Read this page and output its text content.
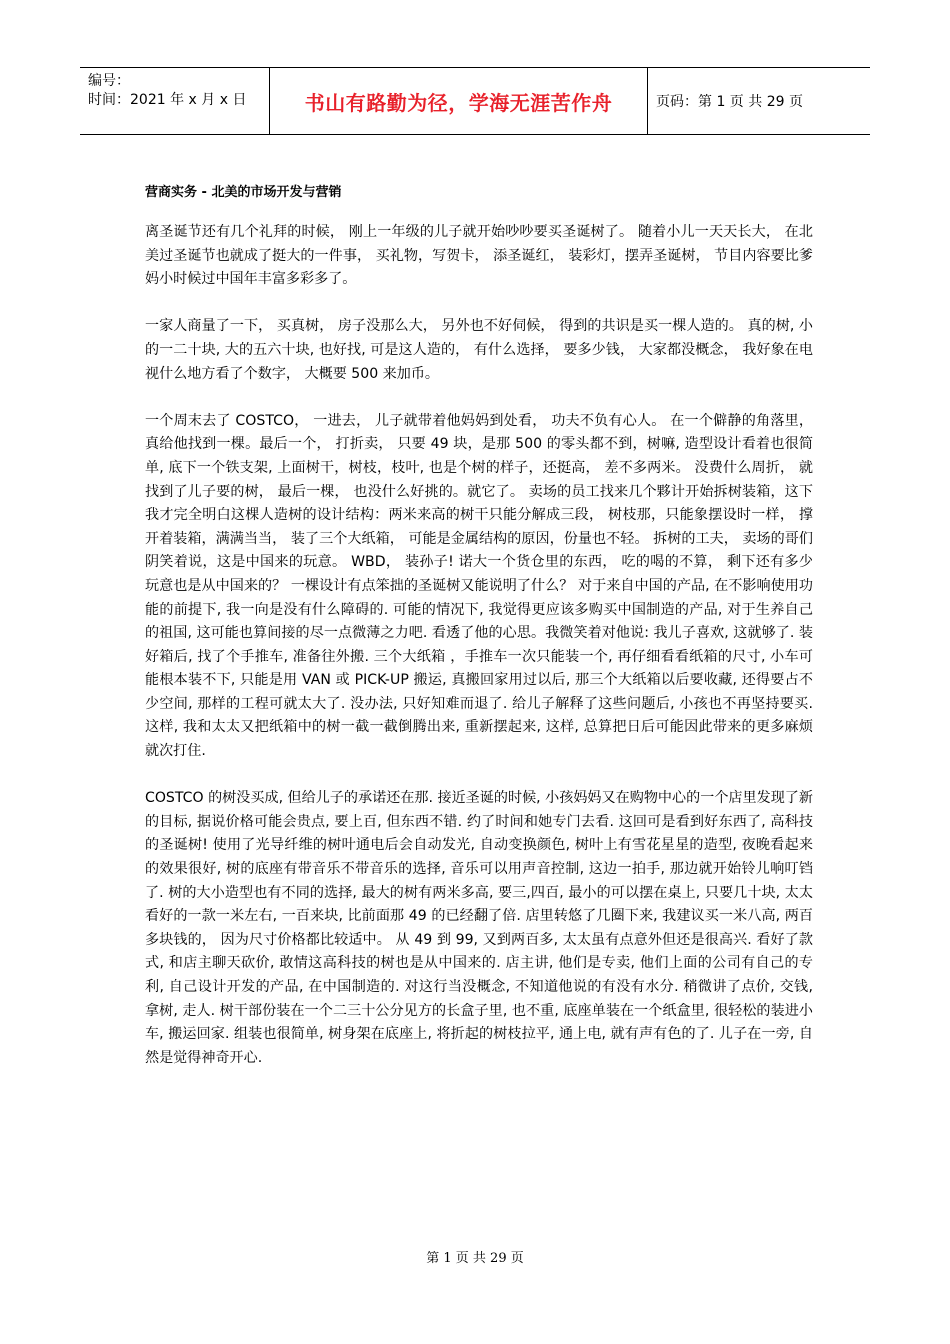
编号：
时间：2021 年 x 月 x 日	书山有路勤为径，学海无涯苦作舟	页码：第 1 页 共 29 页
营商实务 - 北美的市场开发与营销

离圣诞节还有几个礼拜的时候， 刚上一年级的儿子就开始吵吵要买圣诞树了。 随着小儿一天天长大， 在北美过圣诞节也就成了挺大的一件事， 买礼物，写贺卡， 添圣诞红， 装彩灯，摆弄圣诞树， 节目内容要比爹妈小时候过中国年丰富多彩多了。

一家人商量了一下， 买真树， 房子没那么大， 另外也不好伺候， 得到的共识是买一棵人造的。 真的树, 小的一二十块, 大的五六十块, 也好找, 可是这人造的， 有什么选择， 要多少钱， 大家都没概念， 我好象在电视什么地方看了个数字， 大概要 500 来加币。

一个周末去了 COSTCO， 一进去， 儿子就带着他妈妈到处看， 功夫不负有心人。 在一个僻静的角落里， 真给他找到一棵。最后一个， 打折卖， 只要 49 块，是那 500 的零头都不到，树嘛, 造型设计看着也很简单, 底下一个铁支架, 上面树干，树枝，枝叶, 也是个树的样子，还挺高， 差不多两米。 没费什么周折， 就找到了儿子要的树， 最后一棵， 也没什么好挑的。就它了。 卖场的员工找来几个夥计开始拆树装箱，这下我才完全明白这棵人造树的设计结构：两米来高的树干只能分解成三段， 树枝那，只能象摆设时一样， 撑开着装箱，满满当当， 装了三个大纸箱， 可能是金属结构的原因，份量也不轻。 拆树的工夫， 卖场的哥们阴笑着说，这是中国来的玩意。 WBD， 装孙子! 诺大一个货仓里的东西， 吃的喝的不算， 剩下还有多少玩意也是从中国来的？ 一棵设计有点笨拙的圣诞树又能说明了什么？ 对于来自中国的产品, 在不影响使用功能的前提下, 我一向是没有什么障碍的. 可能的情况下, 我觉得更应该多购买中国制造的产品, 对于生养自己的祖国, 这可能也算间接的尽一点微薄之力吧. 看透了他的心思。我微笑着对他说: 我儿子喜欢, 这就够了. 装好箱后, 找了个手推车, 准备往外搬. 三个大纸箱 ，手推车一次只能装一个, 再仔细看看纸箱的尺寸, 小车可能根本装不下, 只能是用 VAN 或 PICK-UP 搬运, 真搬回家用过以后, 那三个大纸箱以后要收藏, 还得要占不少空间, 那样的工程可就太大了. 没办法, 只好知难而退了. 给儿子解释了这些问题后, 小孩也不再坚持要买. 这样, 我和太太又把纸箱中的树一截一截倒腾出来, 重新摆起来, 这样, 总算把日后可能因此带来的更多麻烦就次打住.

COSTCO 的树没买成, 但给儿子的承诺还在那. 接近圣诞的时候, 小孩妈妈又在购物中心的一个店里发现了新的目标, 据说价格可能会贵点, 要上百, 但东西不错. 约了时间和她专门去看. 这回可是看到好东西了, 高科技的圣诞树! 使用了光导纤维的树叶通电后会自动发光, 自动变换颜色, 树叶上有雪花星星的造型, 夜晚看起来的效果很好, 树的底座有带音乐不带音乐的选择, 音乐可以用声音控制, 这边一拍手, 那边就开始铃儿响叮铛了. 树的大小造型也有不同的选择, 最大的树有两米多高, 要三,四百, 最小的可以摆在桌上, 只要几十块, 太太看好的一款一米左右, 一百来块, 比前面那 49 的已经翻了倍. 店里转悠了几圈下来, 我建议买一米八高, 两百多块钱的， 因为尺寸价格都比较适中。 从 49 到 99, 又到两百多, 太太虽有点意外但还是很高兴. 看好了款式, 和店主聊天砍价, 敢情这高科技的树也是从中国来的. 店主讲, 他们是专卖, 他们上面的公司有自己的专利, 自己设计开发的产品, 在中国制造的. 对这行当没概念, 不知道他说的有没有水分. 稍微讲了点价, 交钱, 拿树, 走人. 树干部份装在一个二三十公分见方的长盒子里, 也不重, 底座单装在一个纸盒里, 很轻松的装进小车, 搬运回家. 组装也很简单, 树身架在底座上, 将折起的树枝拉平, 通上电, 就有声有色的了. 儿子在一旁, 自然是觉得神奇开心.

第 1 页 共 29 页
